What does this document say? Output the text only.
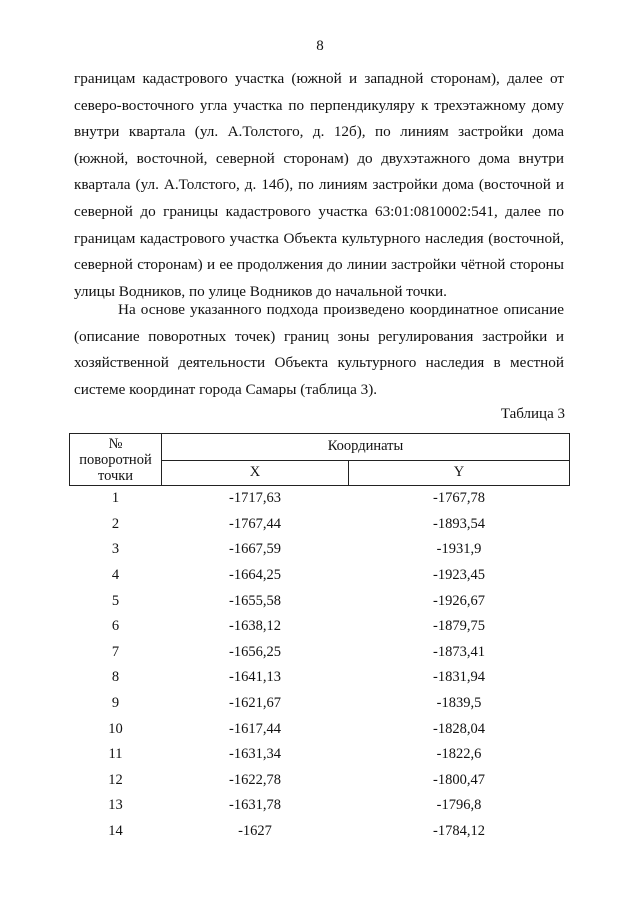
8
границам кадастрового участка (южной и западной сторонам), далее от
северо-восточного угла участка по перпендикуляру к трехэтажному дому
внутри квартала (ул. А.Толстого, д. 12б), по линиям застройки дома
(южной, восточной, северной сторонам) до двухэтажного дома внутри
квартала (ул. А.Толстого, д. 14б), по линиям застройки дома (восточной и
северной до границы кадастрового участка 63:01:0810002:541, далее по
границам кадастрового участка Объекта культурного наследия (восточной,
северной сторонам) и ее продолжения до линии застройки чётной стороны
улицы Водников, по улице Водников до начальной точки.
На основе указанного подхода произведено координатное описание
(описание поворотных точек) границ зоны регулирования застройки и
хозяйственной деятельности Объекта культурного наследия в местной
системе координат города Самары (таблица 3).
Таблица 3
№
поворотной
точки	Координаты	
	X	Y
1	-1717,63	-1767,78
2	-1767,44	-1893,54
3	-1667,59	-1931,9
4	-1664,25	-1923,45
5	-1655,58	-1926,67
6	-1638,12	-1879,75
7	-1656,25	-1873,41
8	-1641,13	-1831,94
9	-1621,67	-1839,5
10	-1617,44	-1828,04
11	-1631,34	-1822,6
12	-1622,78	-1800,47
13	-1631,78	-1796,8
14	-1627	-1784,12
